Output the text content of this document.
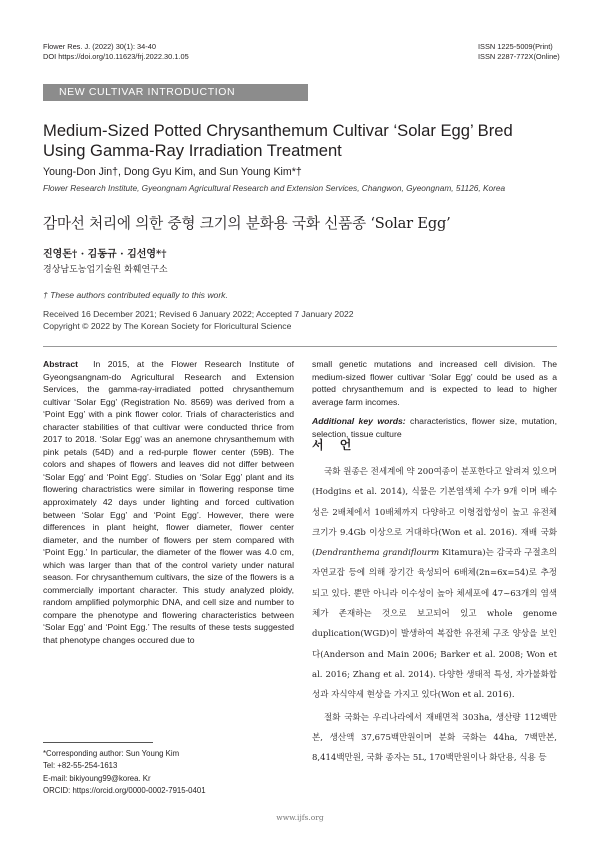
Flower Res. J. (2022) 30(1): 34-40
DOI https://doi.org/10.11623/frj.2022.30.1.05
ISSN 1225-5009(Print)
ISSN 2287-772X(Online)
NEW CULTIVAR INTRODUCTION
Medium-Sized Potted Chrysanthemum Cultivar ‘Solar Egg’ Bred
Using Gamma-Ray Irradiation Treatment
Young-Don Jin†, Dong Gyu Kim, and Sun Young Kim*†
Flower Research Institute, Gyeongnam Agricultural Research and Extension Services, Changwon, Gyeongnam, 51126, Korea
감마선 처리에 의한 중형 크기의 분화용 국화 신품종 ‘Solar Egg’
진영돈† · 김동규 · 김선영*†
경상남도농업기술원 화훼연구소
† These authors contributed equally to this work.
Received 16 December 2021; Revised 6 January 2022; Accepted 7 January 2022
Copyright © 2022 by The Korean Society for Floricultural Science
Abstract In 2015, at the Flower Research Institute of Gyeongsangnam-do Agricultural Research and Extension Services, the gamma-ray-irradiated potted chrysanthemum cultivar ‘Solar Egg’ (Registration No. 8569) was derived from a ‘Point Egg’ with a pink flower color. Trials of characteristics and character stabilities of that cultivar were conducted thrice from 2017 to 2018. ‘Solar Egg’ was an anemone chrysanthemum with pink petals (54D) and a red-purple flower center (59B). The colors and shapes of flowers and leaves did not differ between ‘Solar Egg’ and ‘Point Egg’. Studies on ‘Solar Egg’ plant and its flowering charactristics were similar in flowering response time approximately 42 days under lighting and forced cultivation between ‘Solar Egg’ and ‘Point Egg’. However, there were differences in plant height, flower diameter, flower center diameter, and the number of flowers per stem compared with ‘Point Egg.’ In particular, the diameter of the flower was 4.0 cm, which was larger than that of the control variety under natural season. For chrysanthemum cultivars, the size of the flowers is a commercially important character. This study analyzed ploidy, random amplified polymorphic DNA, and cell size and number to compare the phenotype and flowering characteristics between ‘Solar Egg’ and ‘Point Egg.’ The results of these tests suggested that phenotype changes occured due to
small genetic mutations and increased cell division. The medium-sized flower cultivar ‘Solar Egg’ could be used as a potted chrysanthemum and is expected to lead to higher average farm incomes.
Additional key words: characteristics, flower size, mutation, selection, tissue culture
서 언

국화 원종은 전세계에 약 200여종이 분포한다고 알려져 있으며(Hodgins et al. 2014), 식물은 기본염색체 수가 9개 이며 배수성은 2배체에서 10배체까지 다양하고 이형접합성이 높고 유전체 크기가 9.4Gb 이상으로 거대하다(Won et al. 2016). 재배 국화(Dendranthema grandiflourm Kitamura)는 감국과 구절초의 자연교잡 등에 의해 장기간 육성되어 6배체(2n=6x=54)로 추정되고 있다. 뿐만 아니라 이수성이 높아 체세포에 47~63개의 염색체가 존재하는 것으로 보고되어 있고 whole genome duplication(WGD)이 발생하여 복잡한 유전체 구조 양상을 보인다(Anderson and Main 2006; Barker et al. 2008; Won et al. 2016; Zhang et al. 2014). 다양한 생태적 특성, 자가불화합성과 자식약세 현상을 가지고 있다(Won et al. 2016).

절화 국화는 우리나라에서 재배면적 303ha, 생산량 112백만본, 생산액 37,675백만원이며 분화 국화는 44ha, 7백만본, 8,414백만원, 국화 종자는 5L, 170백만원이나 화단용, 식용 등

*Corresponding author: Sun Young Kim
Tel: +82-55-254-1613
E-mail: bikiyoung99@korea. Kr
ORCID: https://orcid.org/0000-0002-7915-0401
www.ijfs.org
